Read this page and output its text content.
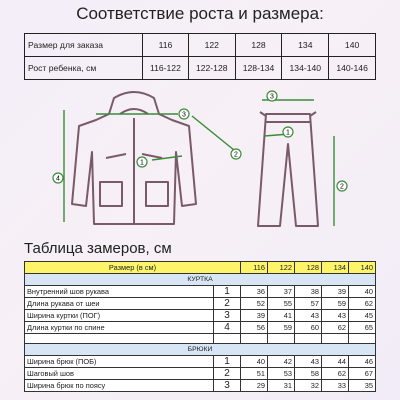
Соответствие роста и размера:
Размер для заказа	116	122	128	134	140
Рост ребенка, см	116-122	122-128	128-134	134-140	140-146
1
2
3
4
3
1
2
Таблица замеров, см
Размер (в см)		116	122	128	134	140
КУРТКА						
Внутренний шов рукава	1	36	37	38	39	40
Длина рукава от шеи	2	52	55	57	59	62
Ширина куртки (ПОГ)	3	39	41	43	43	45
Длина куртки по спине	4	56	59	60	62	65

БРЮКИ						
Ширина брюк (ПОБ)	1	40	42	43	44	46
Шаговый шов	2	51	53	58	62	67
Ширина брюк по поясу	3	29	31	32	33	35
